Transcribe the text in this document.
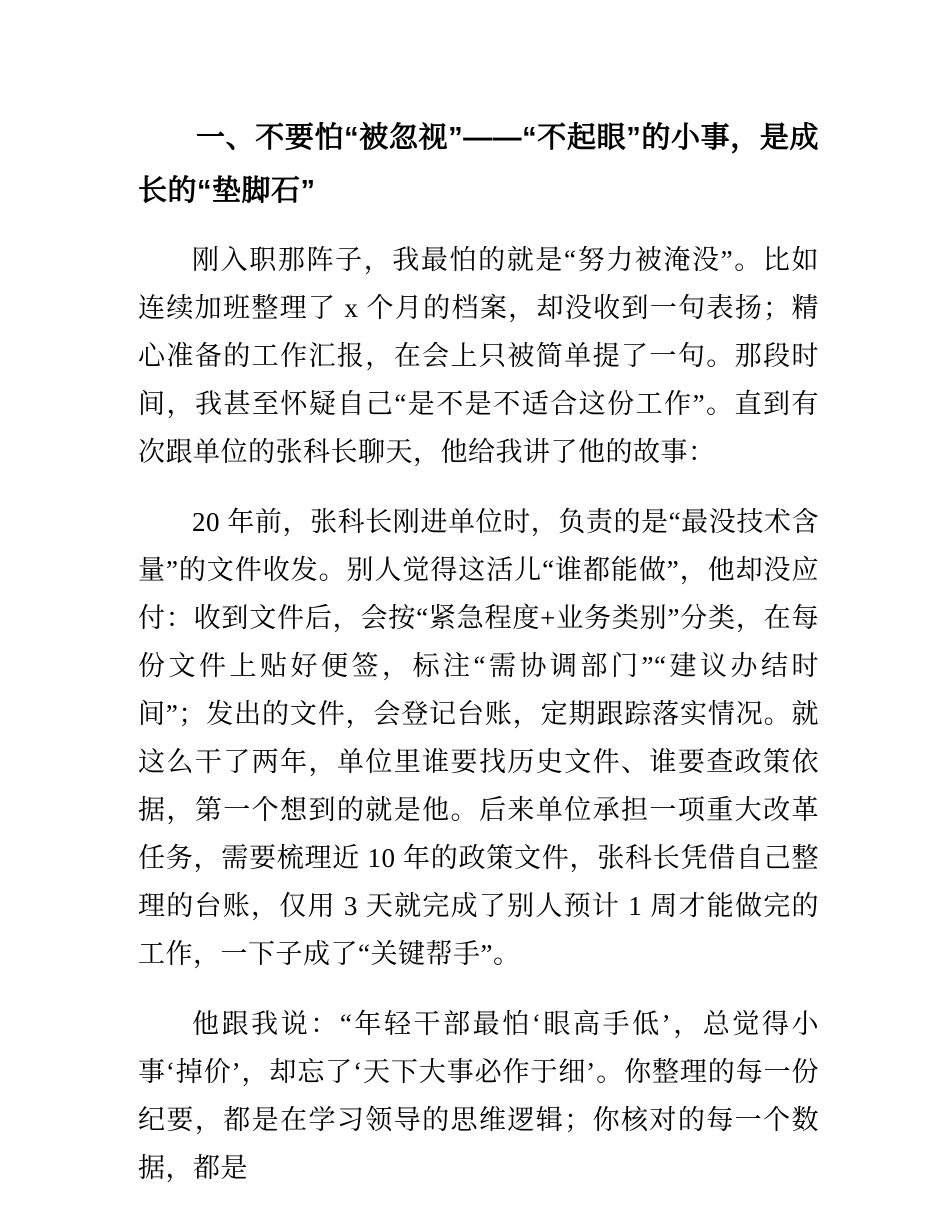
一、不要怕“被忽视”——“不起眼”的小事，是成长的“垫脚石”

刚入职那阵子，我最怕的就是“努力被淹没”。比如连续加班整理了 x 个月的档案，却没收到一句表扬；精心准备的工作汇报，在会上只被简单提了一句。那段时间，我甚至怀疑自己“是不是不适合这份工作”。直到有次跟单位的张科长聊天，他给我讲了他的故事：

20 年前，张科长刚进单位时，负责的是“最没技术含量”的文件收发。别人觉得这活儿“谁都能做”，他却没应付：收到文件后，会按“紧急程度+业务类别”分类，在每份文件上贴好便签，标注“需协调部门”“建议办结时间”；发出的文件，会登记台账，定期跟踪落实情况。就这么干了两年，单位里谁要找历史文件、谁要查政策依据，第一个想到的就是他。后来单位承担一项重大改革任务，需要梳理近 10 年的政策文件，张科长凭借自己整理的台账，仅用 3 天就完成了别人预计 1 周才能做完的工作，一下子成了“关键帮手”。

他跟我说：“年轻干部最怕‘眼高手低’，总觉得小事‘掉价’，却忘了‘天下大事必作于细’。你整理的每一份纪要，都是在学习领导的思维逻辑；你核对的每一个数据，都是
